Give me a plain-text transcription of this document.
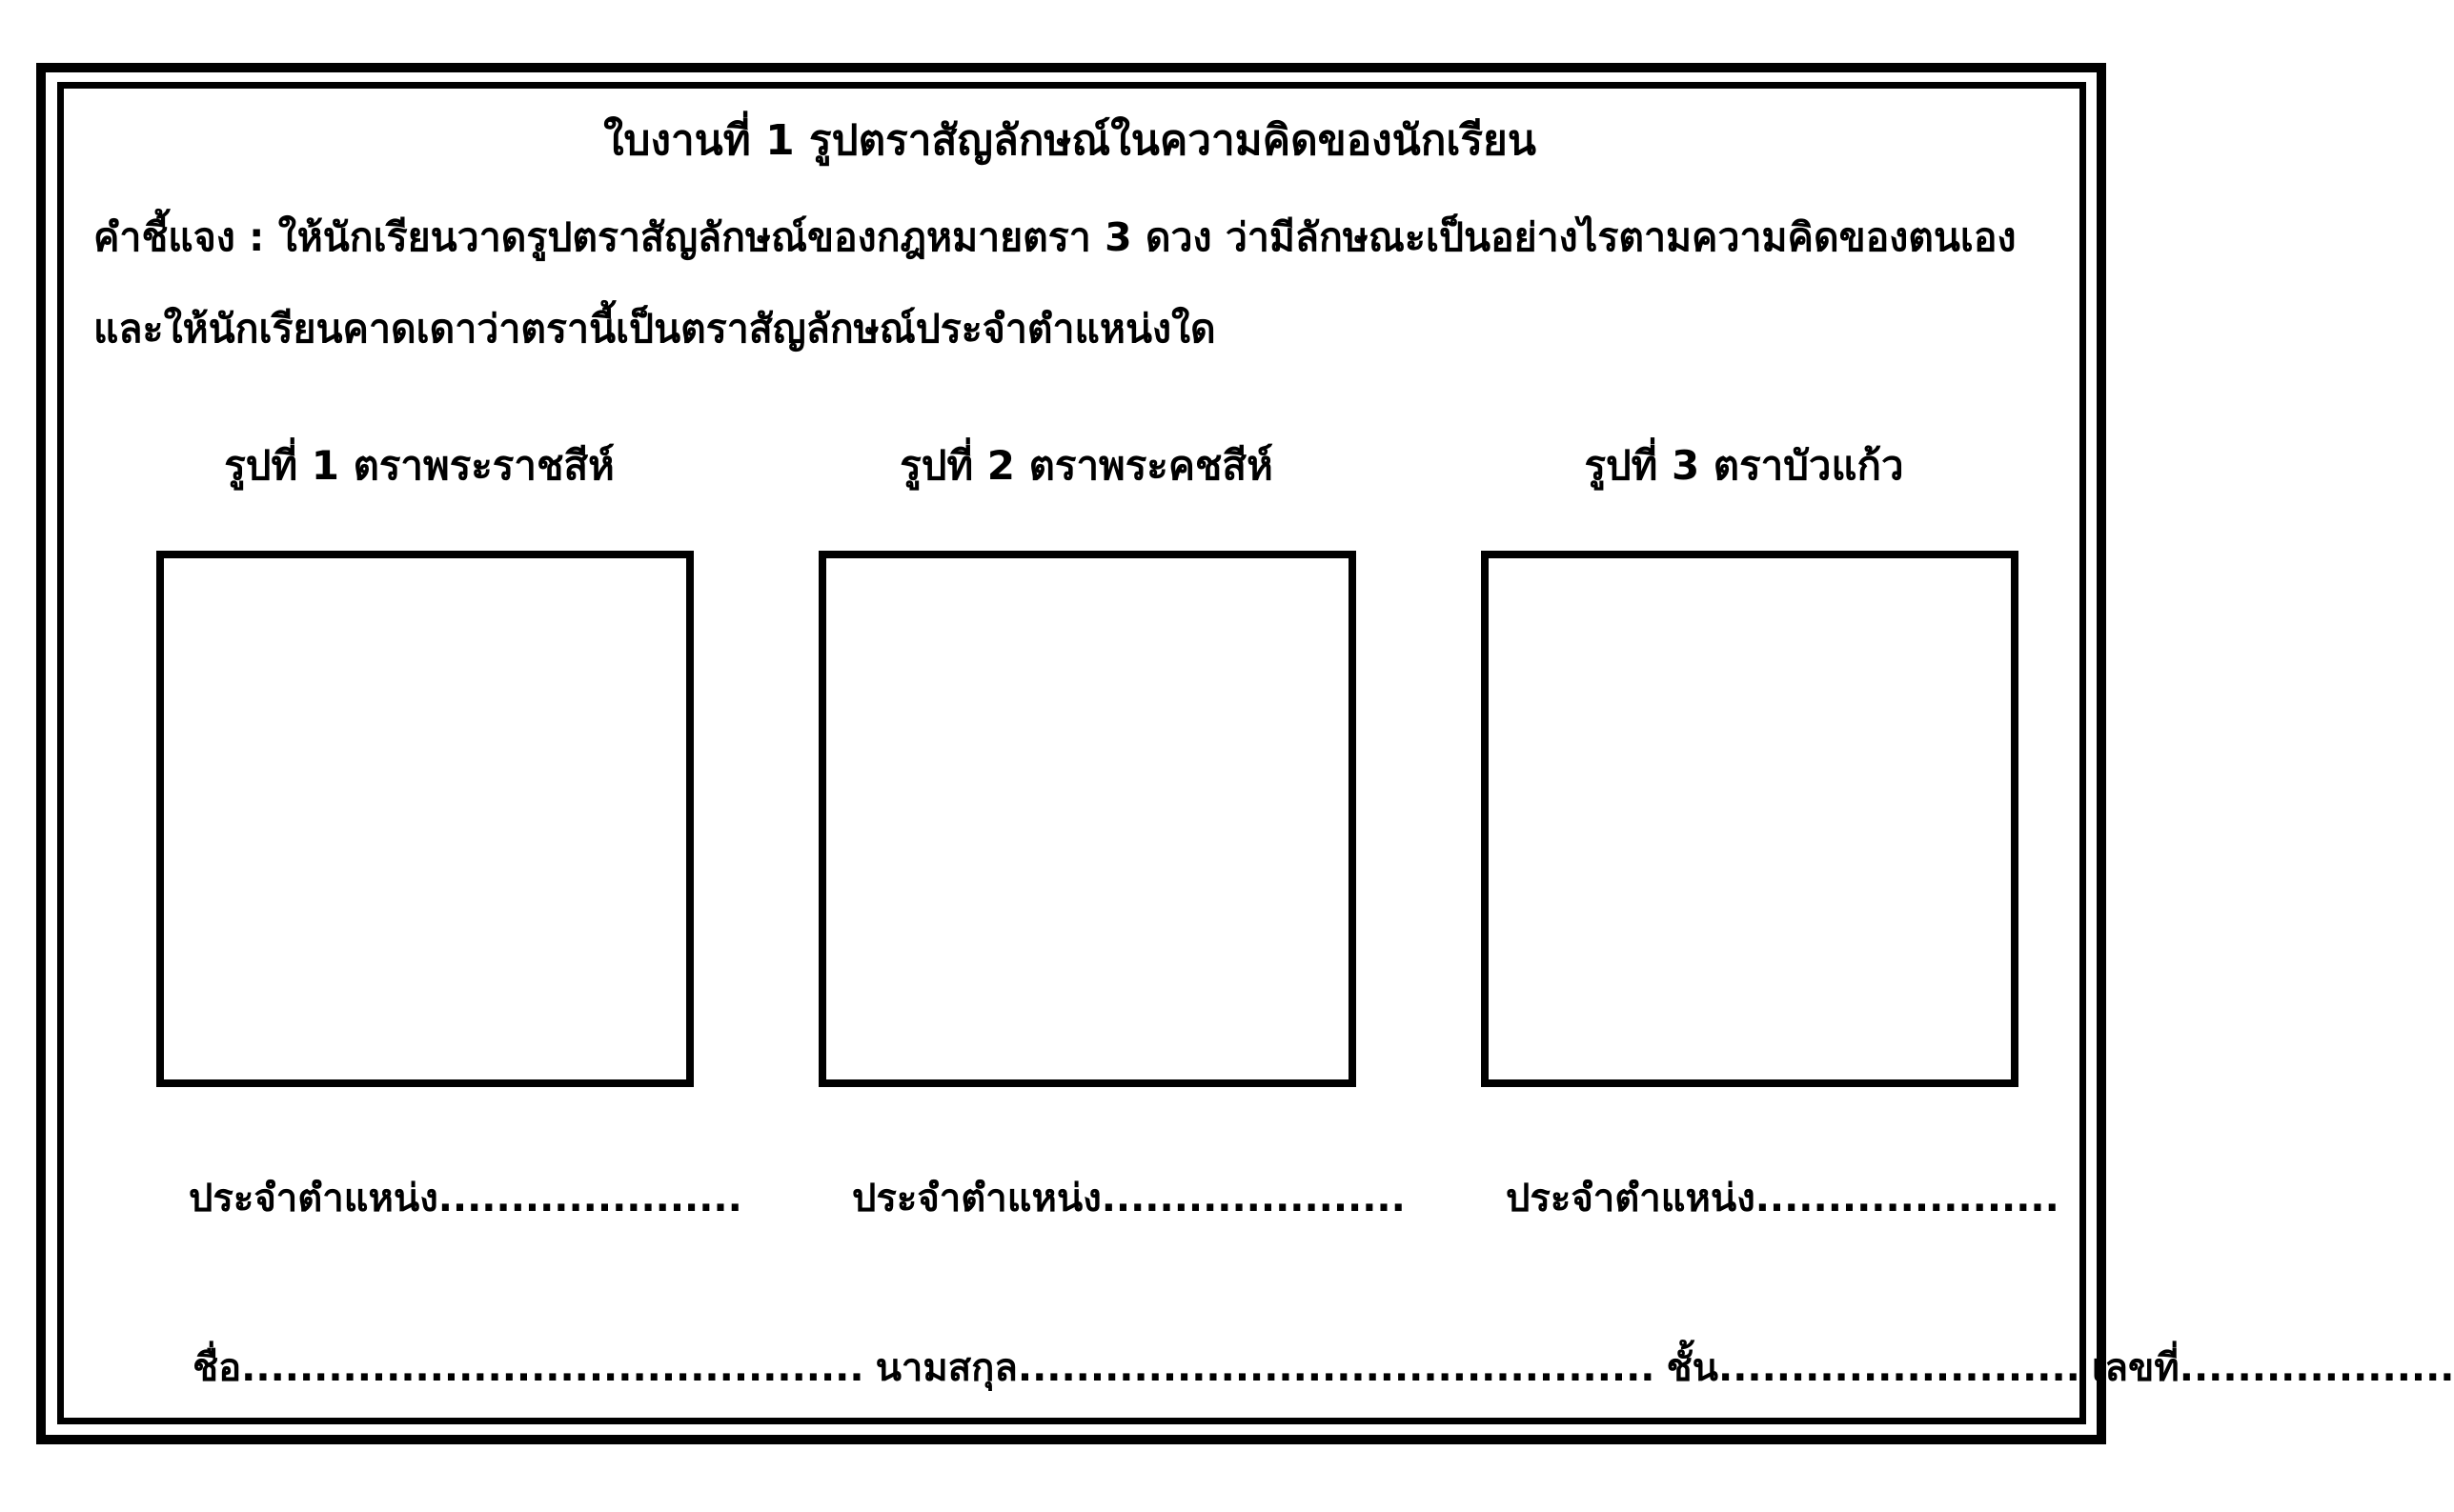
ใบงานที่ 1 รูปตราสัญลักษณ์ในความคิดของนักเรียน
คำชี้แจง : ให้นักเรียนวาดรูปตราสัญลักษณ์ของกฎหมายตรา 3 ดวง ว่ามีลักษณะเป็นอย่างไรตามความคิดของตนเอง
และให้นักเรียนคาดเดาว่าตรานี้เป็นตราสัญลักษณ์ประจำตำแหน่งใด
รูปที่ 1 ตราพระราชสีห์	รูปที่ 2 ตราพระคชสีห์	รูปที่ 3 ตราบัวแก้ว
ประจำตำแหน่ง.....................	ประจำตำแหน่ง.....................	ประจำตำแหน่ง.....................
ชื่อ........................................... นามสกุล............................................ ชั้น......................... เลขที่...................
